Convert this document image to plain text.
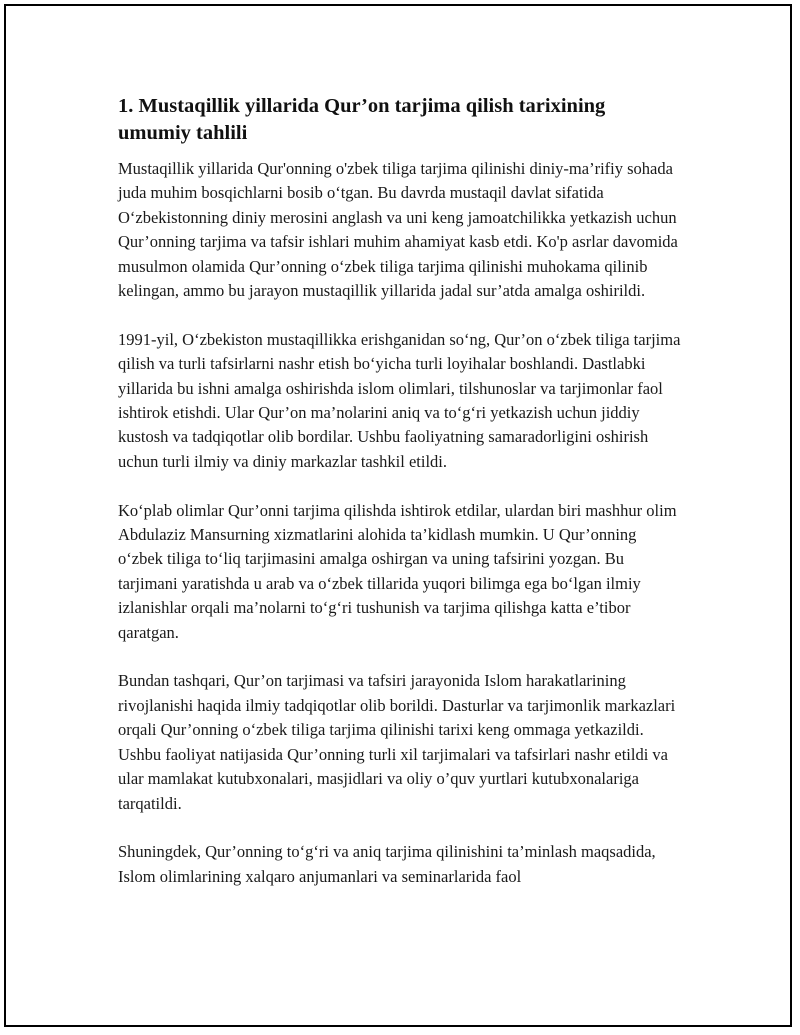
1. Mustaqillik yillarida Qur’on tarjima qilish tarixining umumiy tahlili

Mustaqillik yillarida Qur'onning o'zbek tiliga tarjima qilinishi diniy-ma’rifiy sohada juda muhim bosqichlarni bosib o‘tgan. Bu davrda mustaqil davlat sifatida O‘zbekistonning diniy merosini anglash va uni keng jamoatchilikka yetkazish uchun Qur’onning tarjima va tafsir ishlari muhim ahamiyat kasb etdi. Ko'p asrlar davomida musulmon olamida Qur’onning o‘zbek tiliga tarjima qilinishi muhokama qilinib kelingan, ammo bu jarayon mustaqillik yillarida jadal sur’atda amalga oshirildi.

1991-yil, O‘zbekiston mustaqillikka erishganidan so‘ng, Qur’on o‘zbek tiliga tarjima qilish va turli tafsirlarni nashr etish bo‘yicha turli loyihalar boshlandi. Dastlabki yillarida bu ishni amalga oshirishda islom olimlari, tilshunoslar va tarjimonlar faol ishtirok etishdi. Ular Qur’on ma’nolarini aniq va to‘g‘ri yetkazish uchun jiddiy kustosh va tadqiqotlar olib bordilar. Ushbu faoliyatning samaradorligini oshirish uchun turli ilmiy va diniy markazlar tashkil etildi.

Ko‘plab olimlar Qur’onni tarjima qilishda ishtirok etdilar, ulardan biri mashhur olim Abdulaziz Mansurning xizmatlarini alohida ta’kidlash mumkin. U Qur’onning o‘zbek tiliga to‘liq tarjimasini amalga oshirgan va uning tafsirini yozgan. Bu tarjimani yaratishda u arab va o‘zbek tillarida yuqori bilimga ega bo‘lgan ilmiy izlanishlar orqali ma’nolarni to‘g‘ri tushunish va tarjima qilishga katta e’tibor qaratgan.

Bundan tashqari, Qur’on tarjimasi va tafsiri jarayonida Islom harakatlarining rivojlanishi haqida ilmiy tadqiqotlar olib borildi. Dasturlar va tarjimonlik markazlari orqali Qur’onning o‘zbek tiliga tarjima qilinishi tarixi keng ommaga yetkazildi. Ushbu faoliyat natijasida Qur’onning turli xil tarjimalari va tafsirlari nashr etildi va ular mamlakat kutubxonalari, masjidlari va oliy o’quv yurtlari kutubxonalariga tarqatildi.

Shuningdek, Qur’onning to‘g‘ri va aniq tarjima qilinishini ta’minlash maqsadida, Islom olimlarining xalqaro anjumanlari va seminarlarida faol
